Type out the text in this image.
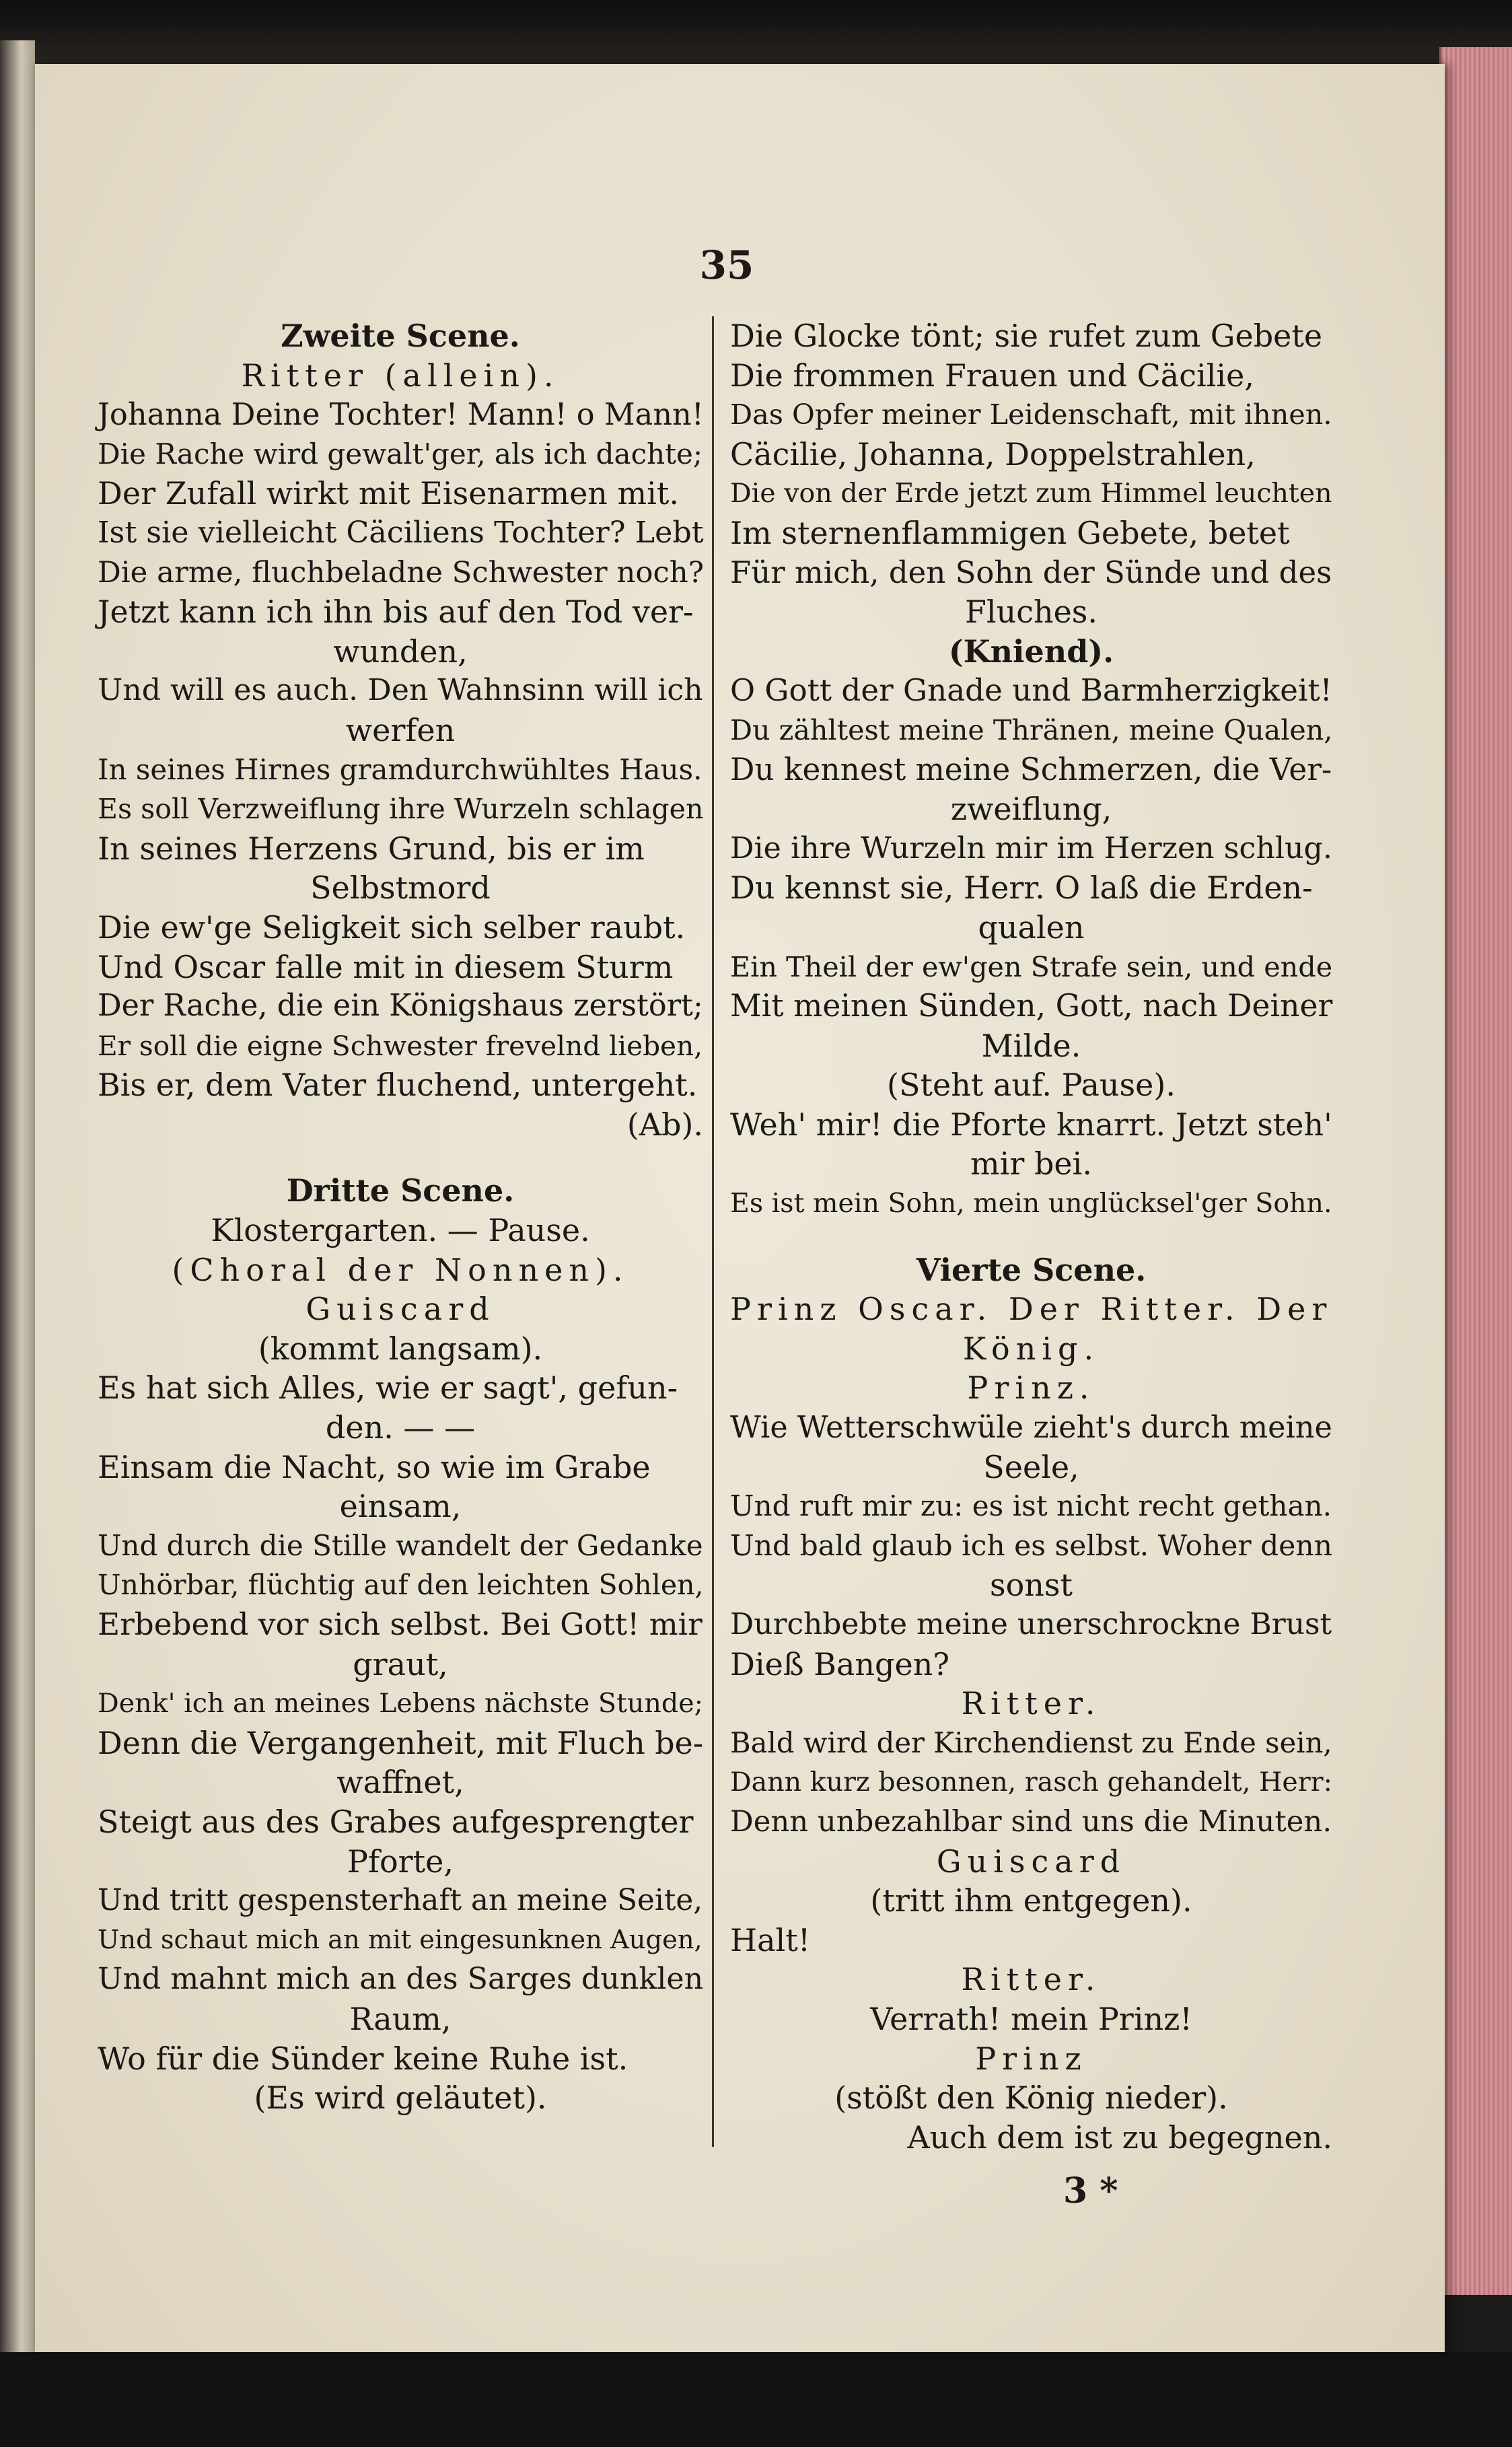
35
Zweite Scene.
Ritter (allein).
Johanna Deine Tochter! Mann! o Mann!
Die Rache wird gewalt'ger, als ich dachte;
Der Zufall wirkt mit Eisenarmen mit.
Ist sie vielleicht Cäciliens Tochter? Lebt
Die arme, fluchbeladne Schwester noch?
Jetzt kann ich ihn bis auf den Tod ver-
wunden,
Und will es auch. Den Wahnsinn will ich
werfen
In seines Hirnes gramdurchwühltes Haus.
Es soll Verzweiflung ihre Wurzeln schlagen
In seines Herzens Grund, bis er im
Selbstmord
Die ew'ge Seligkeit sich selber raubt.
Und Oscar falle mit in diesem Sturm
Der Rache, die ein Königshaus zerstört;
Er soll die eigne Schwester frevelnd lieben,
Bis er, dem Vater fluchend, untergeht.
(Ab).
Dritte Scene.
Klostergarten. — Pause.
(Choral der Nonnen).
Guiscard
(kommt langsam).
Es hat sich Alles, wie er sagt', gefun-
den. — —
Einsam die Nacht, so wie im Grabe
einsam,
Und durch die Stille wandelt der Gedanke
Unhörbar, flüchtig auf den leichten Sohlen,
Erbebend vor sich selbst. Bei Gott! mir
graut,
Denk' ich an meines Lebens nächste Stunde;
Denn die Vergangenheit, mit Fluch be-
waffnet,
Steigt aus des Grabes aufgesprengter
Pforte,
Und tritt gespensterhaft an meine Seite,
Und schaut mich an mit eingesunknen Augen,
Und mahnt mich an des Sarges dunklen
Raum,
Wo für die Sünder keine Ruhe ist.
(Es wird geläutet).
Die Glocke tönt; sie rufet zum Gebete
Die frommen Frauen und Cäcilie,
Das Opfer meiner Leidenschaft, mit ihnen.
Cäcilie, Johanna, Doppelstrahlen,
Die von der Erde jetzt zum Himmel leuchten
Im sternenflammigen Gebete, betet
Für mich, den Sohn der Sünde und des
Fluches.
(Kniend).
O Gott der Gnade und Barmherzigkeit!
Du zähltest meine Thränen, meine Qualen,
Du kennest meine Schmerzen, die Ver-
zweiflung,
Die ihre Wurzeln mir im Herzen schlug.
Du kennst sie, Herr. O laß die Erden-
qualen
Ein Theil der ew'gen Strafe sein, und ende
Mit meinen Sünden, Gott, nach Deiner
Milde.
(Steht auf. Pause).
Weh' mir! die Pforte knarrt. Jetzt steh'
mir bei.
Es ist mein Sohn, mein unglücksel'ger Sohn.
Vierte Scene.
Prinz Oscar. Der Ritter. Der
König.
Prinz.
Wie Wetterschwüle zieht's durch meine
Seele,
Und ruft mir zu: es ist nicht recht gethan.
Und bald glaub ich es selbst. Woher denn
sonst
Durchbebte meine unerschrockne Brust
Dieß Bangen?
Ritter.
Bald wird der Kirchendienst zu Ende sein,
Dann kurz besonnen, rasch gehandelt, Herr:
Denn unbezahlbar sind uns die Minuten.
Guiscard
(tritt ihm entgegen).
Halt!
Ritter.
Verrath! mein Prinz!
Prinz
(stößt den König nieder).
Auch dem ist zu begegnen.
3 *
